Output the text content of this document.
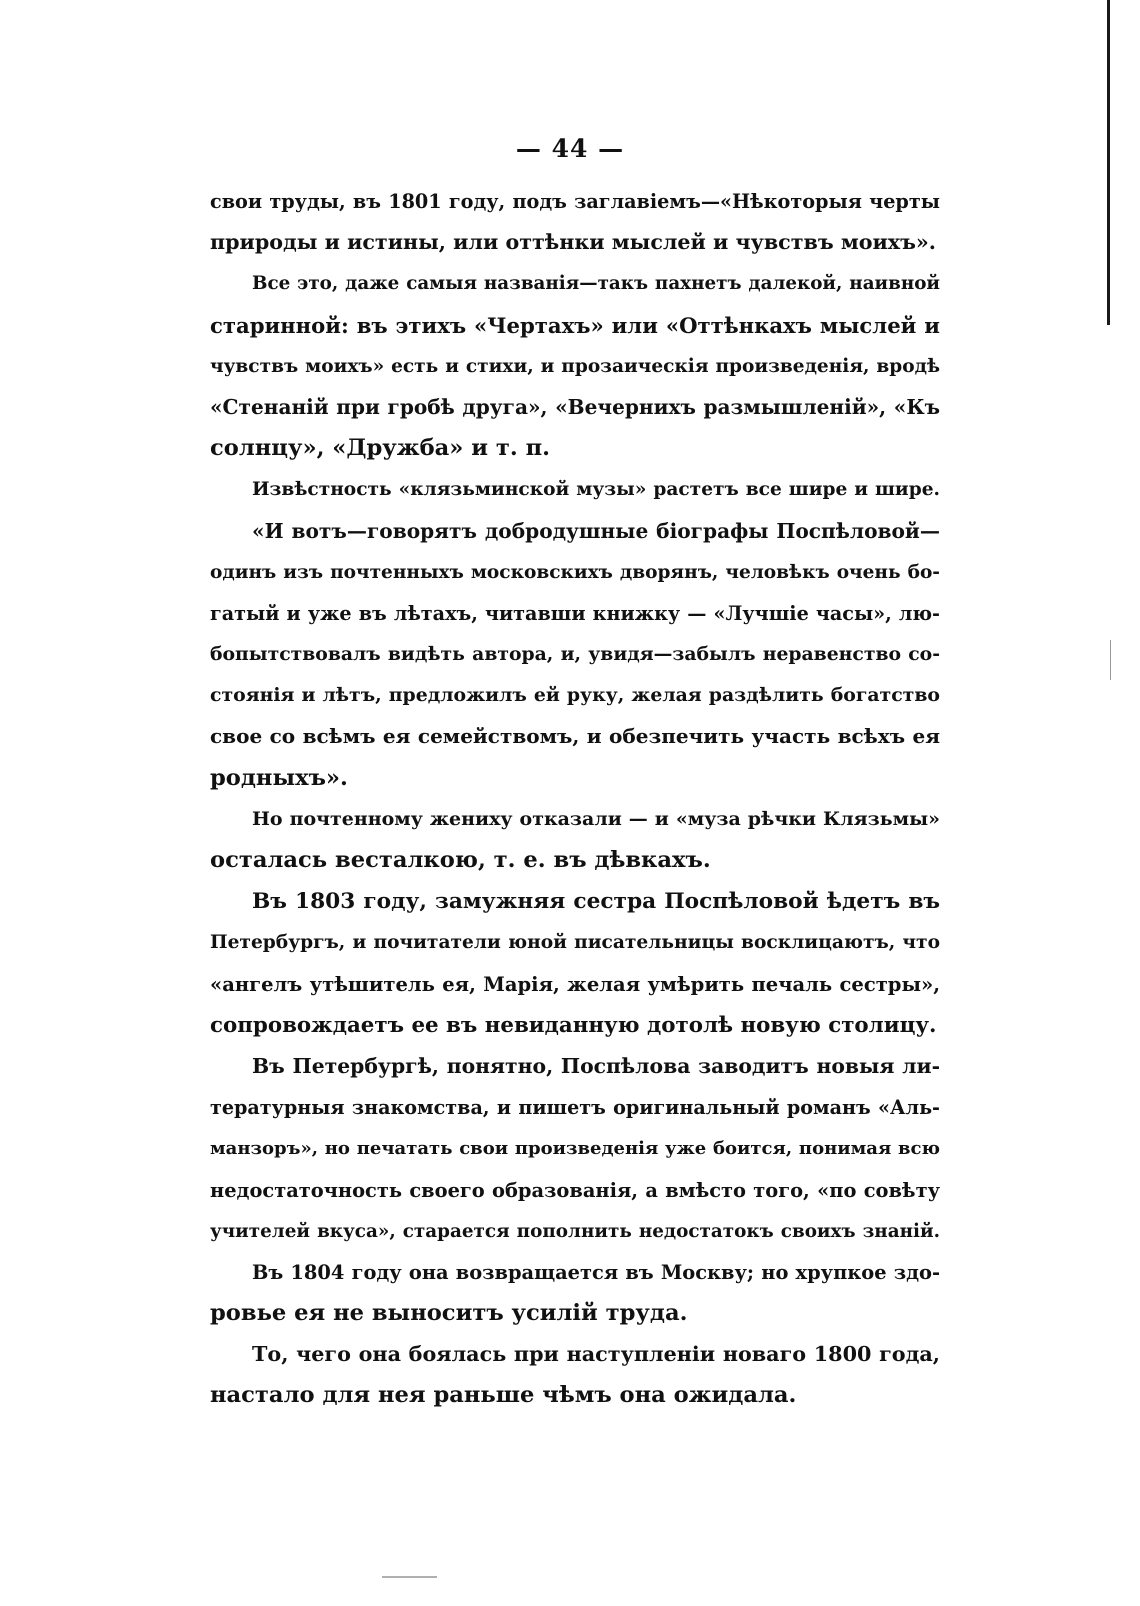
— 44 —

свои труды, въ 1801 году, подъ заглавіемъ—«Нѣкоторыя черты
природы и истины, или оттѣнки мыслей и чувствъ моихъ».

Все это, даже самыя названія—такъ пахнетъ далекой, наивной
старинной: въ этихъ «Чертахъ» или «Оттѣнкахъ мыслей и
чувствъ моихъ» есть и стихи, и прозаическія произведенія, вродѣ
«Стенаній при гробѣ друга», «Вечернихъ размышленій», «Къ
солнцу», «Дружба» и т. п.

Извѣстность «клязьминской музы» растетъ все шире и шире.
«И вотъ—говорятъ добродушные біографы Поспѣловой—
одинъ изъ почтенныхъ московскихъ дворянъ, человѣкъ очень бо-
гатый и уже въ лѣтахъ, читавши книжку — «Лучшіе часы», лю-
бопытствовалъ видѣть автора, и, увидя—забылъ неравенство со-
стоянія и лѣтъ, предложилъ ей руку, желая раздѣлить богатство
свое со всѣмъ ея семействомъ, и обезпечить участь всѣхъ ея
родныхъ».

Но почтенному жениху отказали — и «муза рѣчки Клязьмы»
осталась весталкою, т. е. въ дѣвкахъ.

Въ 1803 году, замужняя сестра Поспѣловой ѣдетъ въ
Петербургъ, и почитатели юной писательницы восклицаютъ, что
«ангелъ утѣшитель ея, Марія, желая умѣрить печаль сестры»,
сопровождаетъ ее въ невиданную дотолѣ новую столицу.

Въ Петербургѣ, понятно, Поспѣлова заводитъ новыя ли-
тературныя знакомства, и пишетъ оригинальный романъ «Аль-
манзоръ», но печатать свои произведенія уже боится, понимая всю
недостаточность своего образованія, а вмѣсто того, «по совѣту
учителей вкуса», старается пополнить недостатокъ своихъ знаній.

Въ 1804 году она возвращается въ Москву; но хрупкое здо-
ровье ея не выноситъ усилій труда.

То, чего она боялась при наступленіи новаго 1800 года,
настало для нея раньше чѣмъ она ожидала.
